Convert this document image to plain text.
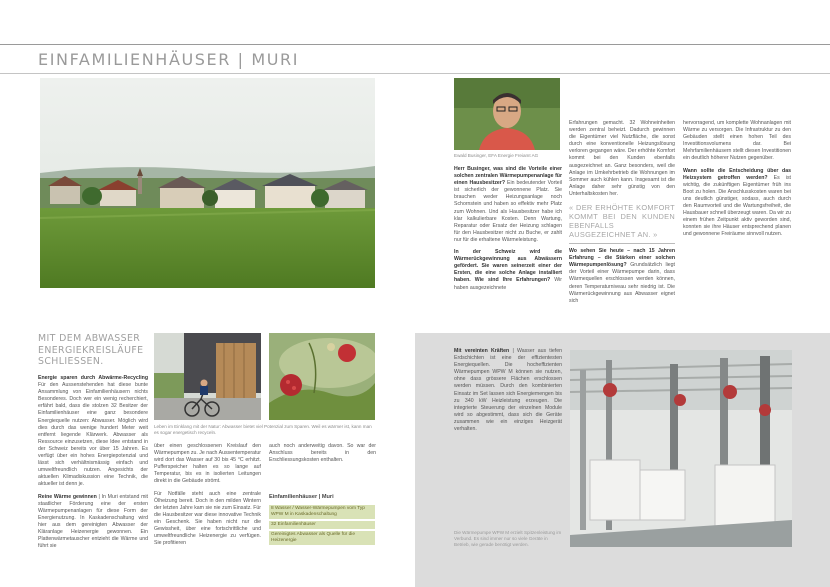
EINFAMILIENHÄUSER | MURI
Ewald Businger, EFA Energie Freiamt AG

Herr Businger, was sind die Vorteile einer solchen zentralen Wärmepumpenanlage für einen Hausbesitzer? Ein bedeutender Vorteil ist sicherlich der gewonnene Platz. Sie brauchen weder Heizungsanlage noch Schornstein und haben so effektiv mehr Platz zum Wohnen. Und als Hausbesitzer habe ich klar kalkulierbare Kosten. Denn Wartung, Reparatur oder Ersatz der Heizung schlagen für den Hausbesitzer nicht zu Buche, er zahlt nur für die erhaltene Wärmeleistung.

In der Schweiz wird die Wärmerückgewinnung aus Abwässern gefördert. Sie waren seinerzeit einer der Ersten, die eine solche Anlage installiert haben. Wie sind Ihre Erfahrungen? Wir haben ausgezeichnete

Erfahrungen gemacht. 32 Wohneinheiten werden zentral beheizt. Dadurch gewinnen die Eigentümer viel Nutzfläche, die sonst durch eine konventionelle Heizungslösung verloren gegangen wäre. Der erhöhte Komfort kommt bei den Kunden ebenfalls ausgezeichnet an. Ganz besonders, weil die Anlage im Umkehrbetrieb die Wohnungen im Sommer auch kühlen kann. Insgesamt ist die Anlage daher sehr günstig von den Unterhaltskosten her.

« DER ERHÖHTE KOMFORT KOMMT BEI DEN KUNDEN EBENFALLS AUSGEZEICHNET AN. »

Wo sehen Sie heute – nach 15 Jahren Erfahrung – die Stärken einer solchen Wärmepumpenlösung? Grundsätzlich liegt der Vorteil einer Wärmepumpe darin, dass Wärmequellen erschlossen werden können, deren Temperaturniveau sehr niedrig ist. Die Wärmerückgewinnung aus Abwasser eignet sich

hervorragend, um komplette Wohnanlagen mit Wärme zu versorgen. Die Infrastruktur zu den Gebäuden stellt einen hohen Teil des Investitionsvolumens dar. Bei Mehrfamilienhäusern stellt diesen Investitionen ein deutlich höherer Nutzen gegenüber.

Wann sollte die Entscheidung über das Heizsystem getroffen werden? Es ist wichtig, die zukünftigen Eigentümer früh ins Boot zu holen. Die Anschlusskosten waren bei uns deutlich günstiger, sodass, auch durch den Raumvorteil und die Wartungsfreiheit, die Hausbauer schnell überzeugt waren. Da wir zu einem frühen Zeitpunkt aktiv geworden sind, konnten sie ihre Häuser entsprechend planen und gewonnene Freiräume sinnvoll nutzen.

MIT DEM ABWASSER ENERGIEKREISLÄUFE SCHLIESSEN.

Energie sparen durch Abwärme-Recycling Für den Aussenstehenden hat diese bunte Ansammlung von Einfamilienhäusern nichts Besonderes. Doch wer ein wenig recherchiert, erfährt bald, dass die stolzen 32 Besitzer der Einfamilienhäuser eine ganz besondere Energiequelle nutzen: Abwasser. Möglich wird dies durch das wenige hundert Meter weit entfernt liegende Klärwerk. Abwasser als Ressource einzusetzen, diese Idee entstand in der Schweiz bereits vor über 15 Jahren. Es verfügt über ein hohes Energiepotenzial und lässt sich verhältnismässig einfach und umweltfreundlich nutzen. Angesichts der aktuellen Klimadiskussion eine Technik, die aktueller ist denn je.

Reine Wärme gewinnen | In Muri entstand mit staatlicher Förderung eine der ersten Wärmepumpenanlagen für diese Form der Energienutzung. In Kaskadenschaltung wird hier aus dem gereinigten Abwasser der Kläranlage Heizenergie gewonnen. Ein Plattenwärmetauscher entzieht die Wärme und führt sie

Leben im Einklang mit der Natur: Abwasser bietet viel Potenzial zum Sparen. Weil es wärmer ist, kann man es sogar energetisch recyceln.

über einen geschlossenen Kreislauf den Wärmepumpen zu. Je nach Aussentemperatur wird dort das Wasser auf 30 bis 45 °C erhitzt. Pufferspeicher halten es so lange auf Temperatur, bis es in isolierten Leitungen direkt in die Gebäude strömt.

Für Notfälle steht auch eine zentrale Ölheizung bereit. Doch in den milden Wintern der letzten Jahre kam sie nie zum Einsatz. Für die Hausbesitzer war diese innovative Technik ein Geschenk. Sie haben nicht nur die Gewissheit, über eine fortschrittliche und umweltfreundliche Heizenergie zu verfügen. Sie profitieren

auch noch anderweitig davon. So war der Anschluss bereits in den Erschliessungskosten enthalten.

Einfamilienhäuser | Muri
8 Wasser / Wasser-Wärmepumpen vom Typ WPW M in Kaskadenschaltung
32 Einfamilienhäuser
Gereinigtes Abwasser als Quelle für die Heizenergie

Mit vereinten Kräften | Wasser aus tiefen Erdschichten ist eine der effizientesten Energiequellen. Die hocheffizienten Wärmepumpen WPW M können sie nutzen, ohne dass grössere Flächen erschlossen werden müssen. Durch den kombinierten Einsatz im Set lassen sich Energiemengen bis zu 340 kW Heizleistung erzeugen. Die integrierte Steuerung der einzelnen Module wird so abgestimmt, dass sich die Geräte zusammen wie ein einziges Heizgerät verhalten.

Die Wärmepumpe WPW M erzielt Spitzenleistung im Verbund. Es sind immer nur so viele Geräte in Betrieb, wie gerade benötigt werden.
